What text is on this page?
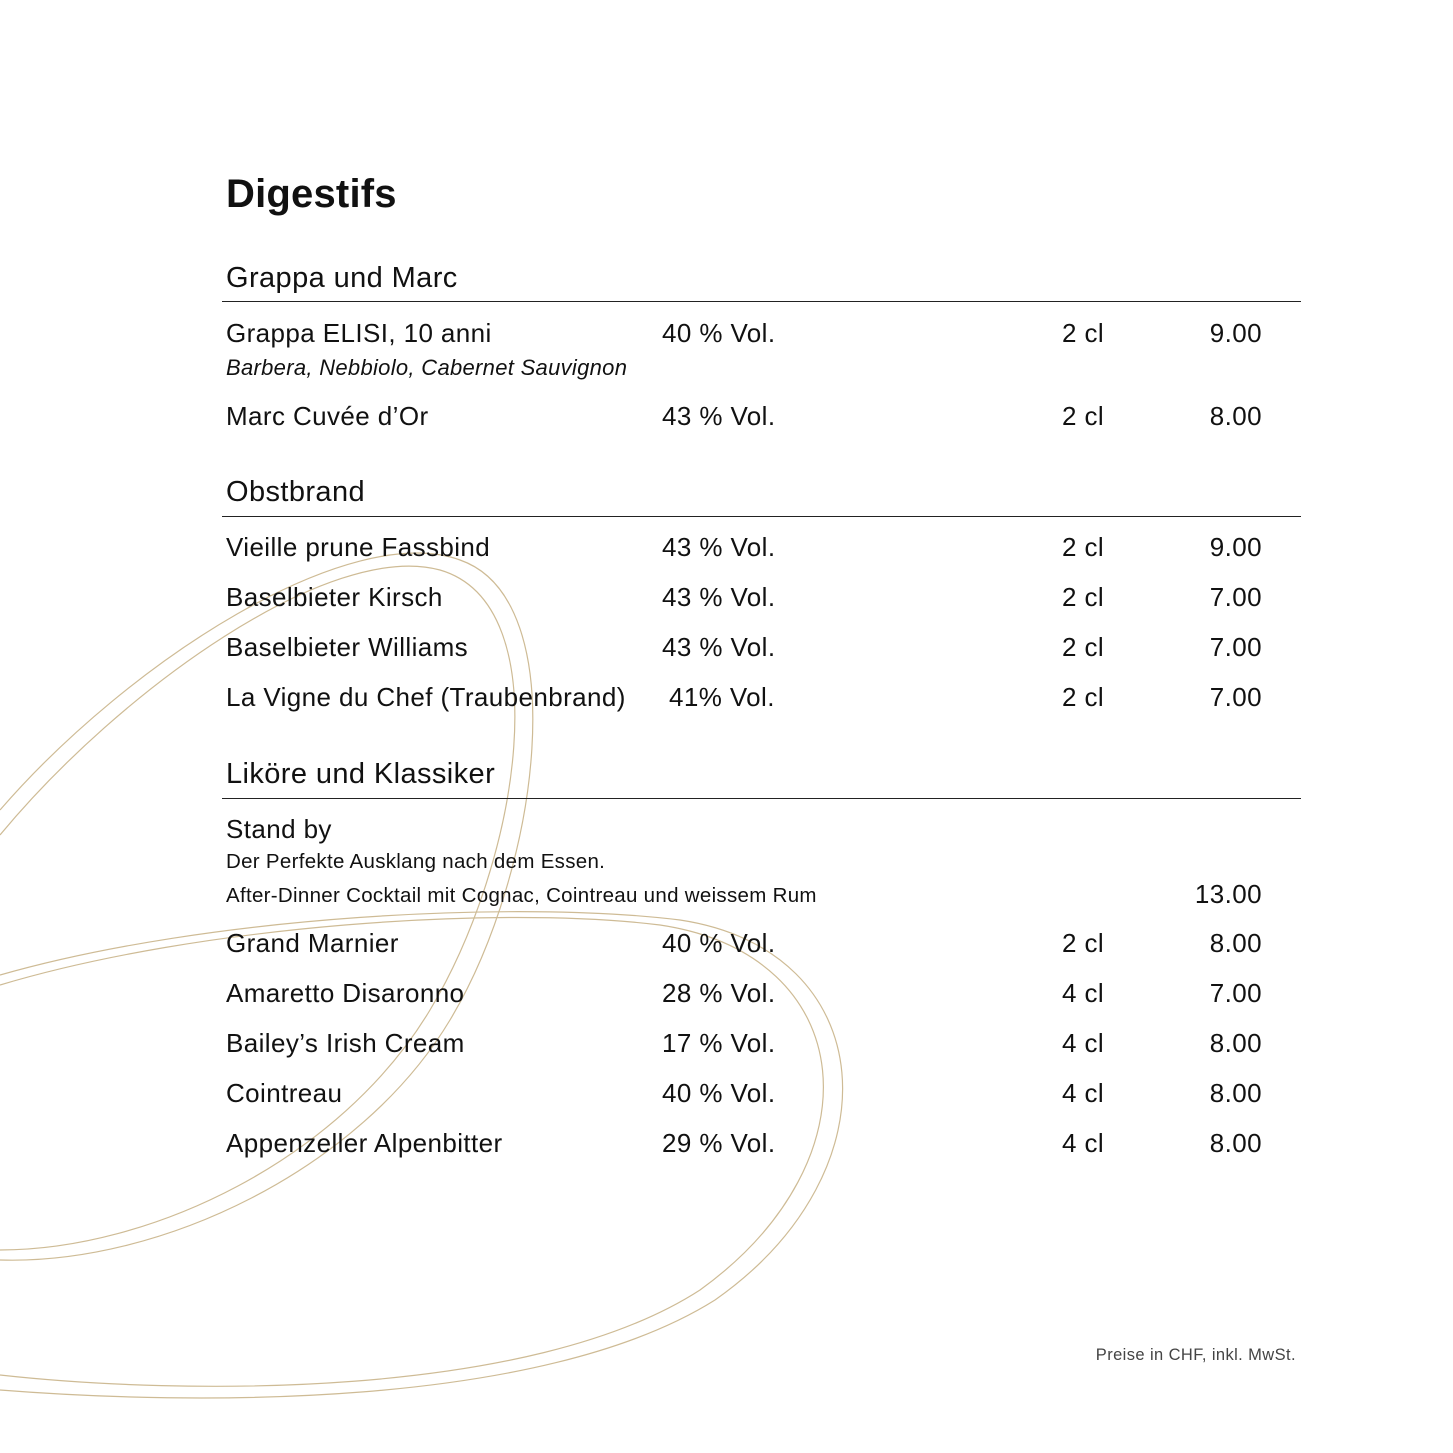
Digestifs
Grappa und Marc
Grappa ELISI, 10 anni	40 % Vol.	2 cl	9.00
Barbera, Nebbiolo, Cabernet Sauvignon
Marc Cuvée d’Or	43 % Vol.	2 cl	8.00
Obstbrand
Vieille prune Fassbind	43 % Vol.	2 cl	9.00
Baselbieter Kirsch	43 % Vol.	2 cl	7.00
Baselbieter Williams	43 % Vol.	2 cl	7.00
La Vigne du Chef (Traubenbrand) 41% Vol.	2 cl	7.00
Liköre und Klassiker
Stand by
Der Perfekte Ausklang nach dem Essen.
After-Dinner Cocktail mit Cognac, Cointreau und weissem Rum	13.00
Grand Marnier	40 % Vol.	2 cl	8.00
Amaretto Disaronno	28 % Vol.	4 cl	7.00
Bailey’s Irish Cream	17 % Vol.	4 cl	8.00
Cointreau	40 % Vol.	4 cl	8.00
Appenzeller Alpenbitter	29 % Vol.	4 cl	8.00
Preise in CHF, inkl. MwSt.
